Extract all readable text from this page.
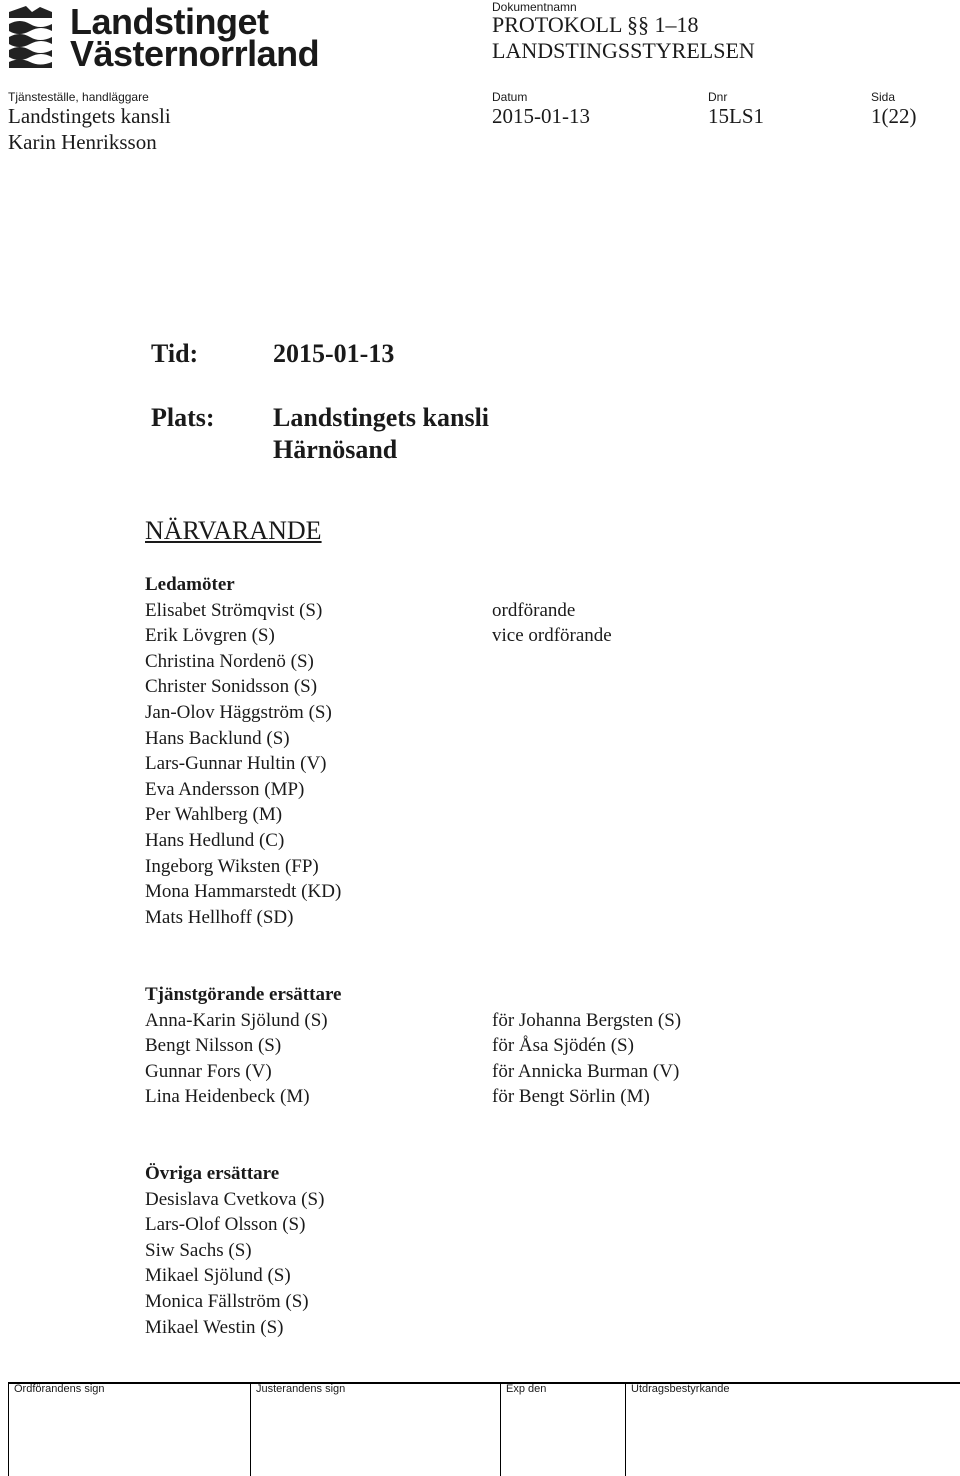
Landstinget
Västernorrland
Dokumentnamn
PROTOKOLL §§ 1–18
LANDSTINGSSTYRELSEN
Tjänsteställe, handläggare	Datum	Dnr	Sida
Landstingets kansli
Karin Henriksson
2015-01-13	15LS1	1(22)
Tid:	2015-01-13
Plats: Landstingets kansli
Härnösand
NÄRVARANDE
Ledamöter
Elisabet Strömqvist (S)	ordförande
Erik Lövgren (S)	vice ordförande
Christina Nordenö (S)
Christer Sonidsson (S)
Jan-Olov Häggström (S)
Hans Backlund (S)
Lars-Gunnar Hultin (V)
Eva Andersson (MP)
Per Wahlberg (M)
Hans Hedlund (C)
Ingeborg Wiksten (FP)
Mona Hammarstedt (KD)
Mats Hellhoff (SD)
Tjänstgörande ersättare
Anna-Karin Sjölund (S)	för Johanna Bergsten (S)
Bengt Nilsson (S)	för Åsa Sjödén (S)
Gunnar Fors (V)	för Annicka Burman (V)
Lina Heidenbeck (M)	för Bengt Sörlin (M)
Övriga ersättare
Desislava Cvetkova (S)
Lars-Olof Olsson (S)
Siw Sachs (S)
Mikael Sjölund (S)
Monica Fällström (S)
Mikael Westin (S)
Ordförandens sign	Justerandens sign	Exp den	Utdragsbestyrkande
